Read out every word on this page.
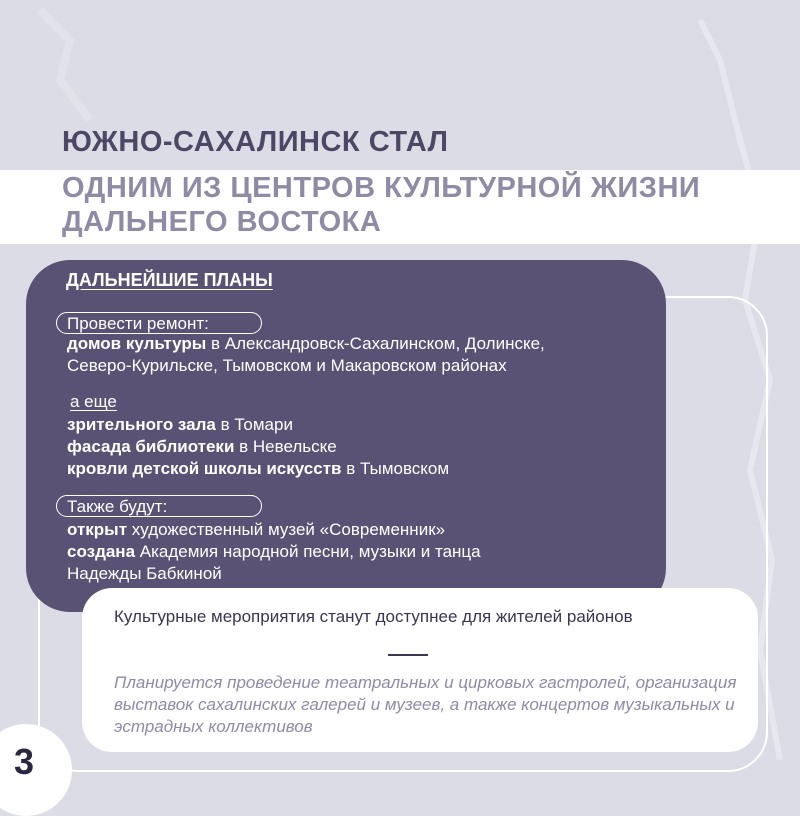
ЮЖНО-САХАЛИНСК СТАЛ
ОДНИМ ИЗ ЦЕНТРОВ КУЛЬТУРНОЙ ЖИЗНИ
ДАЛЬНЕГО ВОСТОКА
ДАЛЬНЕЙШИЕ ПЛАНЫ
Провести ремонт:
домов культуры в Александровск-Сахалинском, Долинске,
Северо-Курильске, Тымовском и Макаровском районах
а еще
зрительного зала в Томари
фасада библиотеки в Невельске
кровли детской школы искусств в Тымовском
Также будут:
открыт художественный музей «Современник»
создана Академия народной песни, музыки и танца
Надежды Бабкиной
Культурные мероприятия станут доступнее для жителей районов
Планируется проведение театральных и цирковых гастролей, организация выставок сахалинских галерей и музеев, а также концертов музыкальных и эстрадных коллективов
3
